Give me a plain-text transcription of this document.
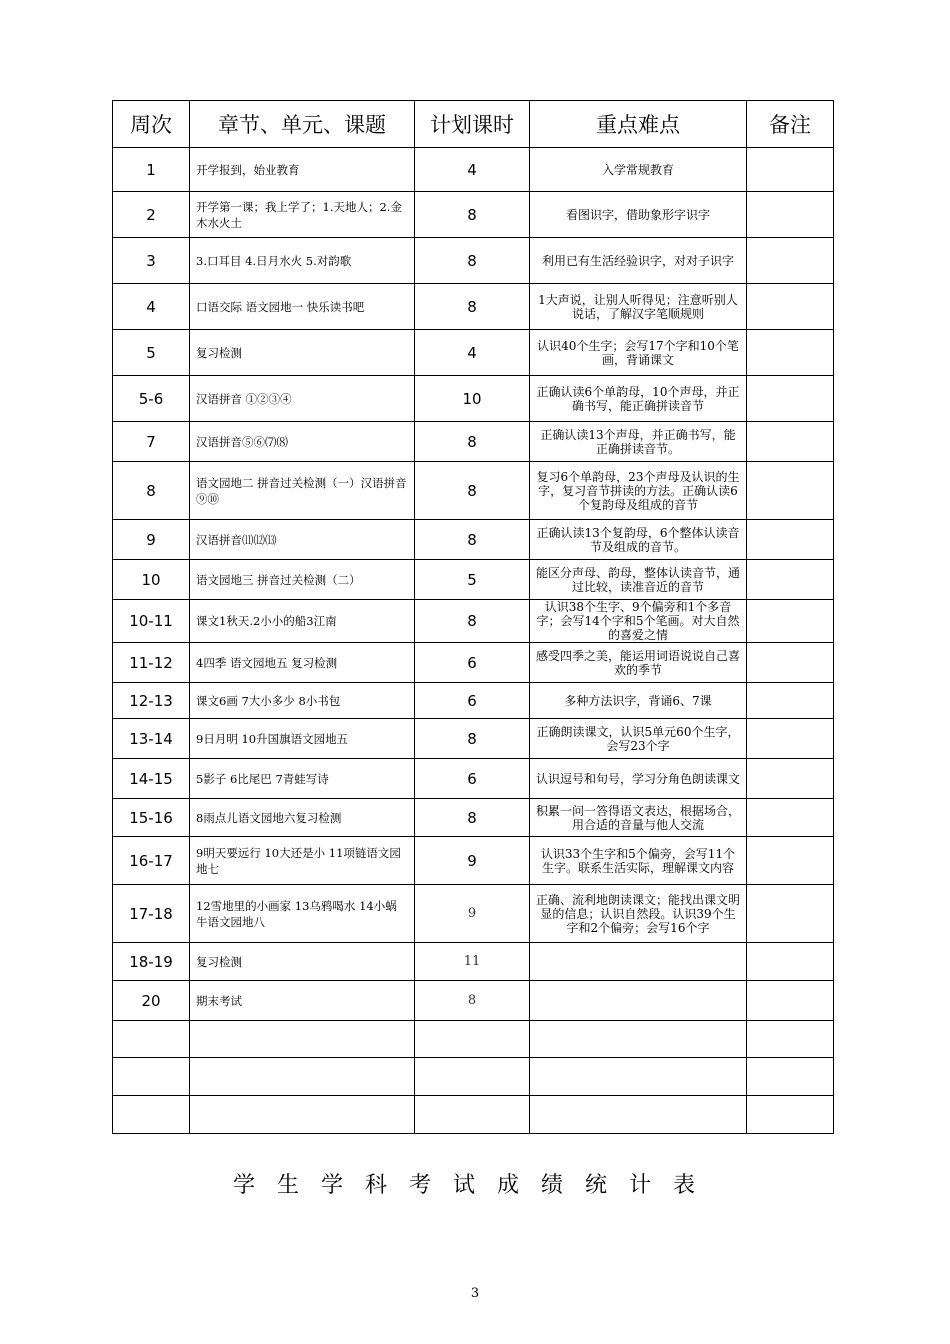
周次	章节、单元、课题	计划课时	重点难点	备注
1	开学报到，始业教育	4	入学常规教育	
2	开学第一课；我上学了；1.天地人；2.金木水火土	8	看图识字，借助象形字识字	
3	3.口耳目 4.日月水火 5.对韵歌	8	利用已有生活经验识字，对对子识字	
4	口语交际 语文园地一 快乐读书吧	8	1大声说，让别人听得见；注意听别人说话，了解汉字笔顺规则	
5	复习检测	4	认识40个生字；会写17个字和10个笔画，背诵课文	
5-6	汉语拼音 ①②③④	10	正确认读6个单韵母，10个声母，并正确书写，能正确拼读音节	
7	汉语拼音⑤⑥⑺⑻	8	正确认读13个声母，并正确书写，能正确拼读音节。	
8	语文园地二 拼音过关检测（一）汉语拼音⑨⑩	8	复习6个单韵母，23个声母及认识的生字，复习音节拼读的方法。正确认读6个复韵母及组成的音节	
9	汉语拼音⑾⑿⒀	8	正确认读13个复韵母，6个整体认读音节及组成的音节。	
10	语文园地三 拼音过关检测（二）	5	能区分声母、韵母，整体认读音节，通过比较，读准音近的音节	
10-11	课文1秋天.2小小的船3江南	8	认识38个生字、9个偏旁和1个多音字；会写14个字和5个笔画。对大自然的喜爱之情	
11-12	4四季 语文园地五 复习检测	6	感受四季之美，能运用词语说说自己喜欢的季节	
12-13	课文6画 7大小多少 8小书包	6	多种方法识字，背诵6、7课	
13-14	9日月明 10升国旗语文园地五	8	正确朗读课文，认识5单元60个生字，会写23个字	
14-15	5影子 6比尾巴 7青蛙写诗	6	认识逗号和句号，学习分角色朗读课文	
15-16	8雨点儿语文园地六复习检测	8	积累一问一答得语文表达，根据场合，用合适的音量与他人交流	
16-17	9明天要远行 10大还是小 11项链语文园地七	9	认识33个生字和5个偏旁，会写11个生字。联系生活实际，理解课文内容	
17-18	12雪地里的小画家 13乌鸦喝水 14小蜗牛语文园地八	9	正确、流利地朗读课文；能找出课文明显的信息；认识自然段。认识39个生字和2个偏旁；会写16个字	
18-19	复习检测	11		
20	期末考试	8		

学生学科考试成绩统计表
3
